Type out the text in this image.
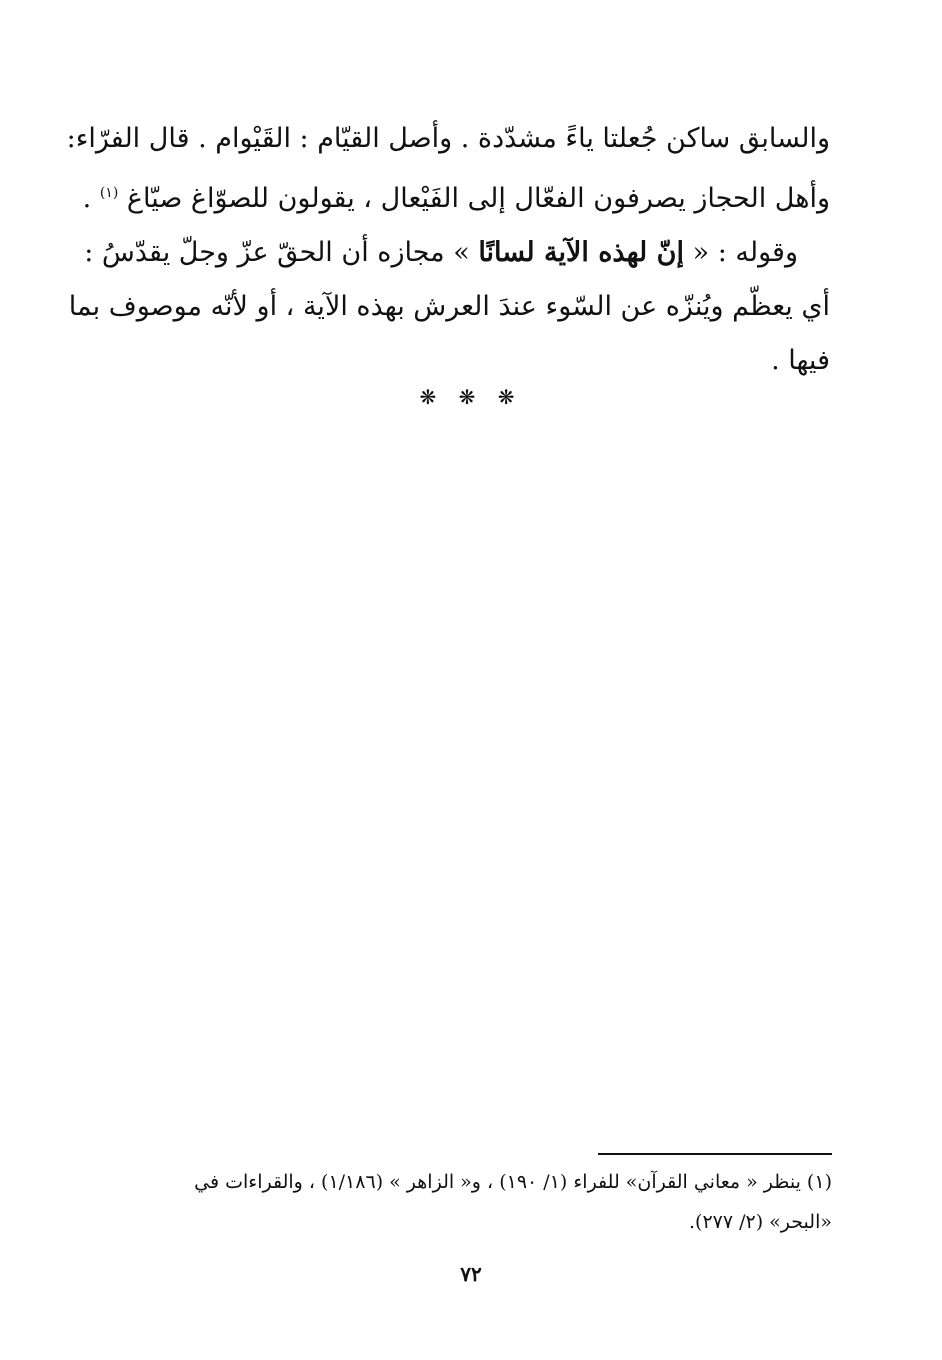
والسابق ساكن جُعلتا ياءً مشدّدة . وأصل القيّام : القَيْوام . قال الفرّاء:
وأهل الحجاز يصرفون الفعّال إلى الفَيْعال ، يقولون للصوّاغ صيّاغ $^{(١)}$ .
وقوله : « إنّ لهذه الآية لسانًا » مجازه أن الحقّ عزّ وجلّ يقدّسُ :
أي يعظّم ويُنزّه عن السّوء عندَ العرش بهذه الآية ، أو لأنّه موصوف بما
فيها .
❋ ❋ ❋
(١) ينظر « معاني القرآن» للفراء (١/ ١٩٠) ، و« الزاهر » (١/١٨٦) ، والقراءات في
«البحر» (٢/ ٢٧٧).
٧٢
